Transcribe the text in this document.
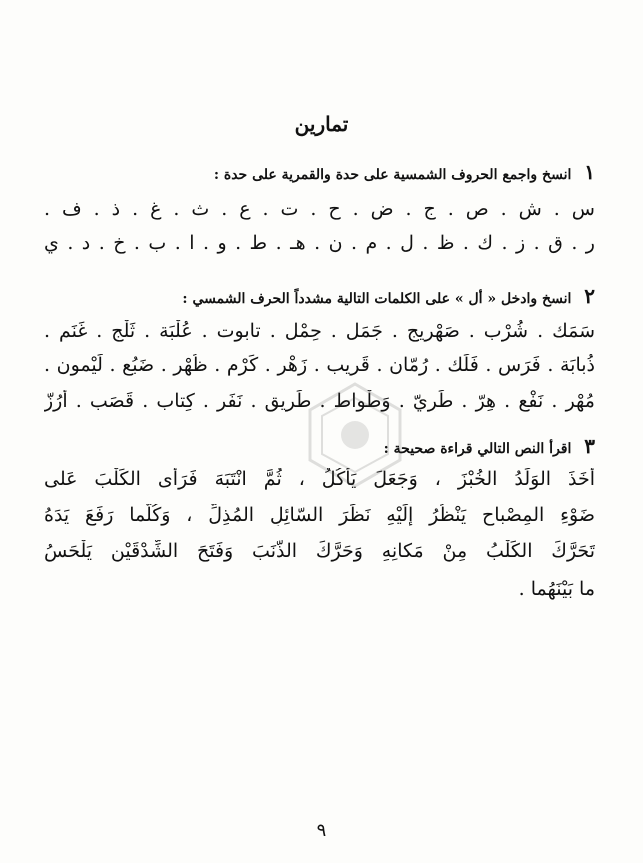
تمارين
١ انسخ واجمع الحروف الشمسية على حدة والقمرية على حدة :
س . ش . ص . ج . ض . ح . ت . ع . ث . غ . ذ . ف .
ر . ق . ز . ك . ظ . ل . م . ن . هـ . ط . و . ا . ب . خ . د . ي
٢ انسخ وادخل « أل » على الكلمات التالية مشدداً الحرف الشمسي :
سَمَك . شُرْب . صَهْريج . جَمَل . حِمْل . تابوت . عُلْبَة . ثَلْج . غَنَم .
ذُبابَة . فَرَس . فَلَك . رُمّان . قَريب . زَهْر . كَرْم . ظُهْر . ضَبُع . لَيْمون .
مُهْر . نَفْع . هِرّ . طَرِيّ . وَطْواط . طَريق . نَفَر . كِتاب . قَصَب . أَرُزّ
٣ اقرأ النص التالي قراءة صحيحة :
أَخَذَ الوَلَدُ الخُبْزَ ، وَجَعَلَ يَأْكُلُ ، ثُمَّ انْتَبَهَ فَرَأى الكَلْبَ عَلى
ضَوْءِ المِصْباحِ يَنْظُرُ إِلَيْهِ نَظَرَ السّائِلِ المُذِلِّ ، وَكُلَّما رَفَعَ يَدَهُ
تَحَرَّكَ الكَلْبُ مِنْ مَكانِهِ وَحَرَّكَ الذَّنَبَ وَفَتَحَ الشِّدْقَيْنِ يَلْحَسُ
ما بَيْنَهُما .
٩
